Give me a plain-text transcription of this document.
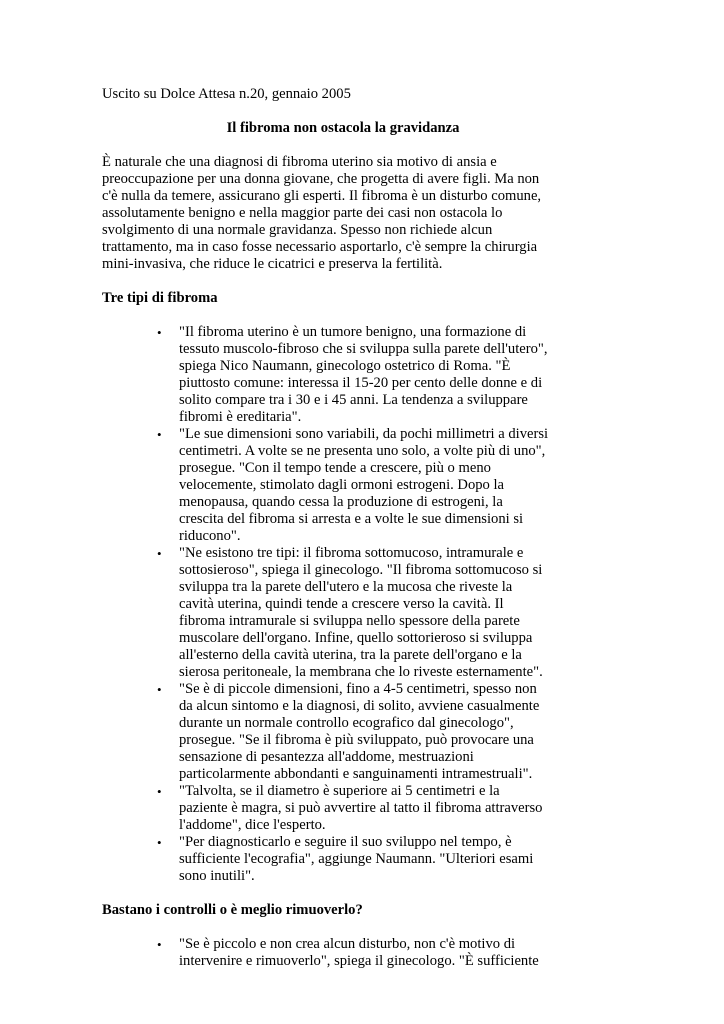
Uscito su Dolce Attesa n.20, gennaio 2005

Il fibroma non ostacola la gravidanza

È naturale che una diagnosi di fibroma uterino sia motivo di ansia e preoccupazione per una donna giovane, che progetta di avere figli. Ma non c'è nulla da temere, assicurano gli esperti. Il fibroma è un disturbo comune, assolutamente benigno e nella maggior parte dei casi non ostacola lo svolgimento di una normale gravidanza. Spesso non richiede alcun trattamento, ma in caso fosse necessario asportarlo, c'è sempre la chirurgia mini-invasiva, che riduce le cicatrici e preserva la fertilità.

Tre tipi di fibroma
• "Il fibroma uterino è un tumore benigno, una formazione di tessuto muscolo-fibroso che si sviluppa sulla parete dell'utero", spiega Nico Naumann, ginecologo ostetrico di Roma. "È piuttosto comune: interessa il 15-20 per cento delle donne e di solito compare tra i 30 e i 45 anni. La tendenza a sviluppare fibromi è ereditaria".
• "Le sue dimensioni sono variabili, da pochi millimetri a diversi centimetri. A volte se ne presenta uno solo, a volte più di uno", prosegue. "Con il tempo tende a crescere, più o meno velocemente, stimolato dagli ormoni estrogeni. Dopo la menopausa, quando cessa la produzione di estrogeni, la crescita del fibroma si arresta e a volte le sue dimensioni si riducono".
• "Ne esistono tre tipi: il fibroma sottomucoso, intramurale e sottosieroso", spiega il ginecologo. "Il fibroma sottomucoso si sviluppa tra la parete dell'utero e la mucosa che riveste la cavità uterina, quindi tende a crescere verso la cavità. Il fibroma intramurale si sviluppa nello spessore della parete muscolare dell'organo. Infine, quello sottorieroso si sviluppa all'esterno della cavità uterina, tra la parete dell'organo e la sierosa peritoneale, la membrana che lo riveste esternamente".
• "Se è di piccole dimensioni, fino a 4-5 centimetri, spesso non da alcun sintomo e la diagnosi, di solito, avviene casualmente durante un normale controllo ecografico dal ginecologo", prosegue. "Se il fibroma è più sviluppato, può provocare una sensazione di pesantezza all'addome, mestruazioni particolarmente abbondanti e sanguinamenti intramestruali".
• "Talvolta, se il diametro è superiore ai 5 centimetri e la paziente è magra, si può avvertire al tatto il fibroma attraverso l'addome", dice l'esperto.
• "Per diagnosticarlo e seguire il suo sviluppo nel tempo, è sufficiente l'ecografia", aggiunge Naumann. "Ulteriori esami sono inutili".
Bastano i controlli o è meglio rimuoverlo?
• "Se è piccolo e non crea alcun disturbo, non c'è motivo di intervenire e rimuoverlo", spiega il ginecologo. "È sufficiente
